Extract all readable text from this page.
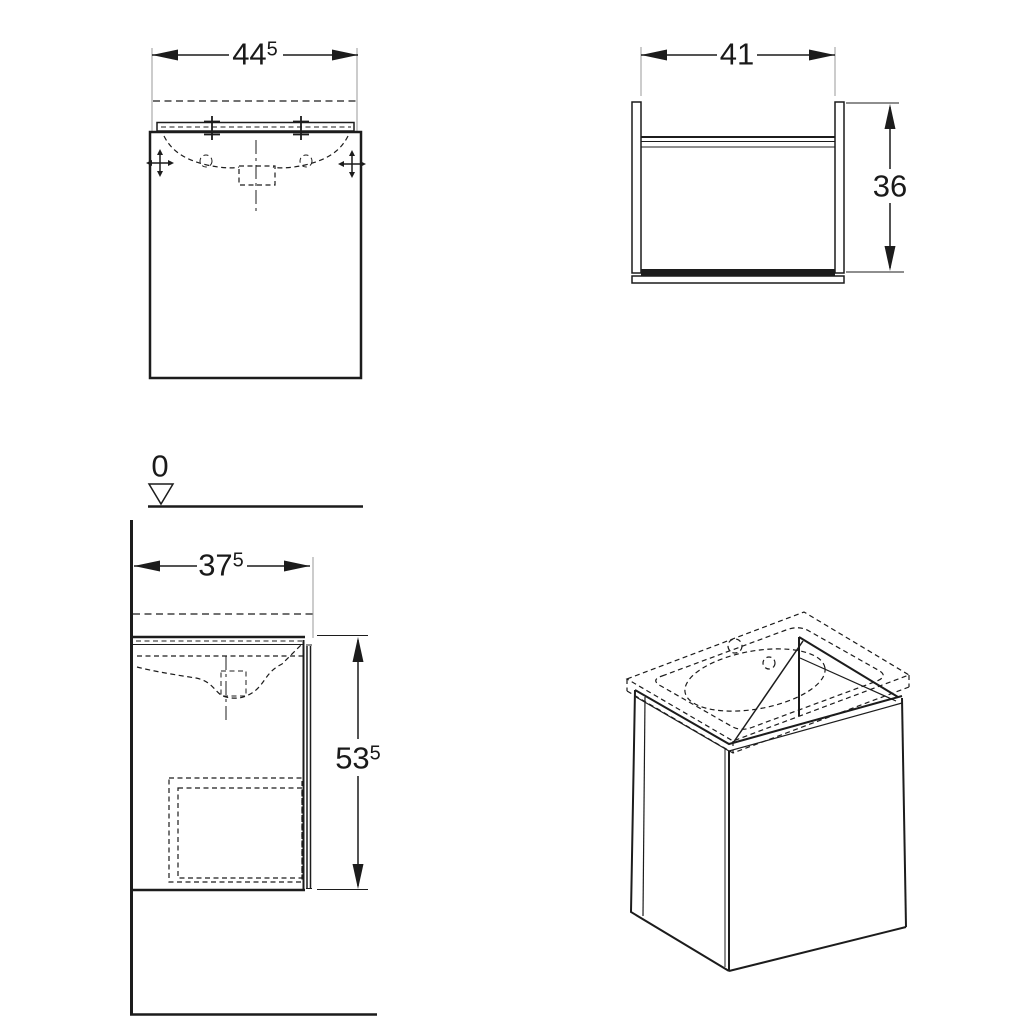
$44^5$	41
36
0
$37^5$
$53^5$
